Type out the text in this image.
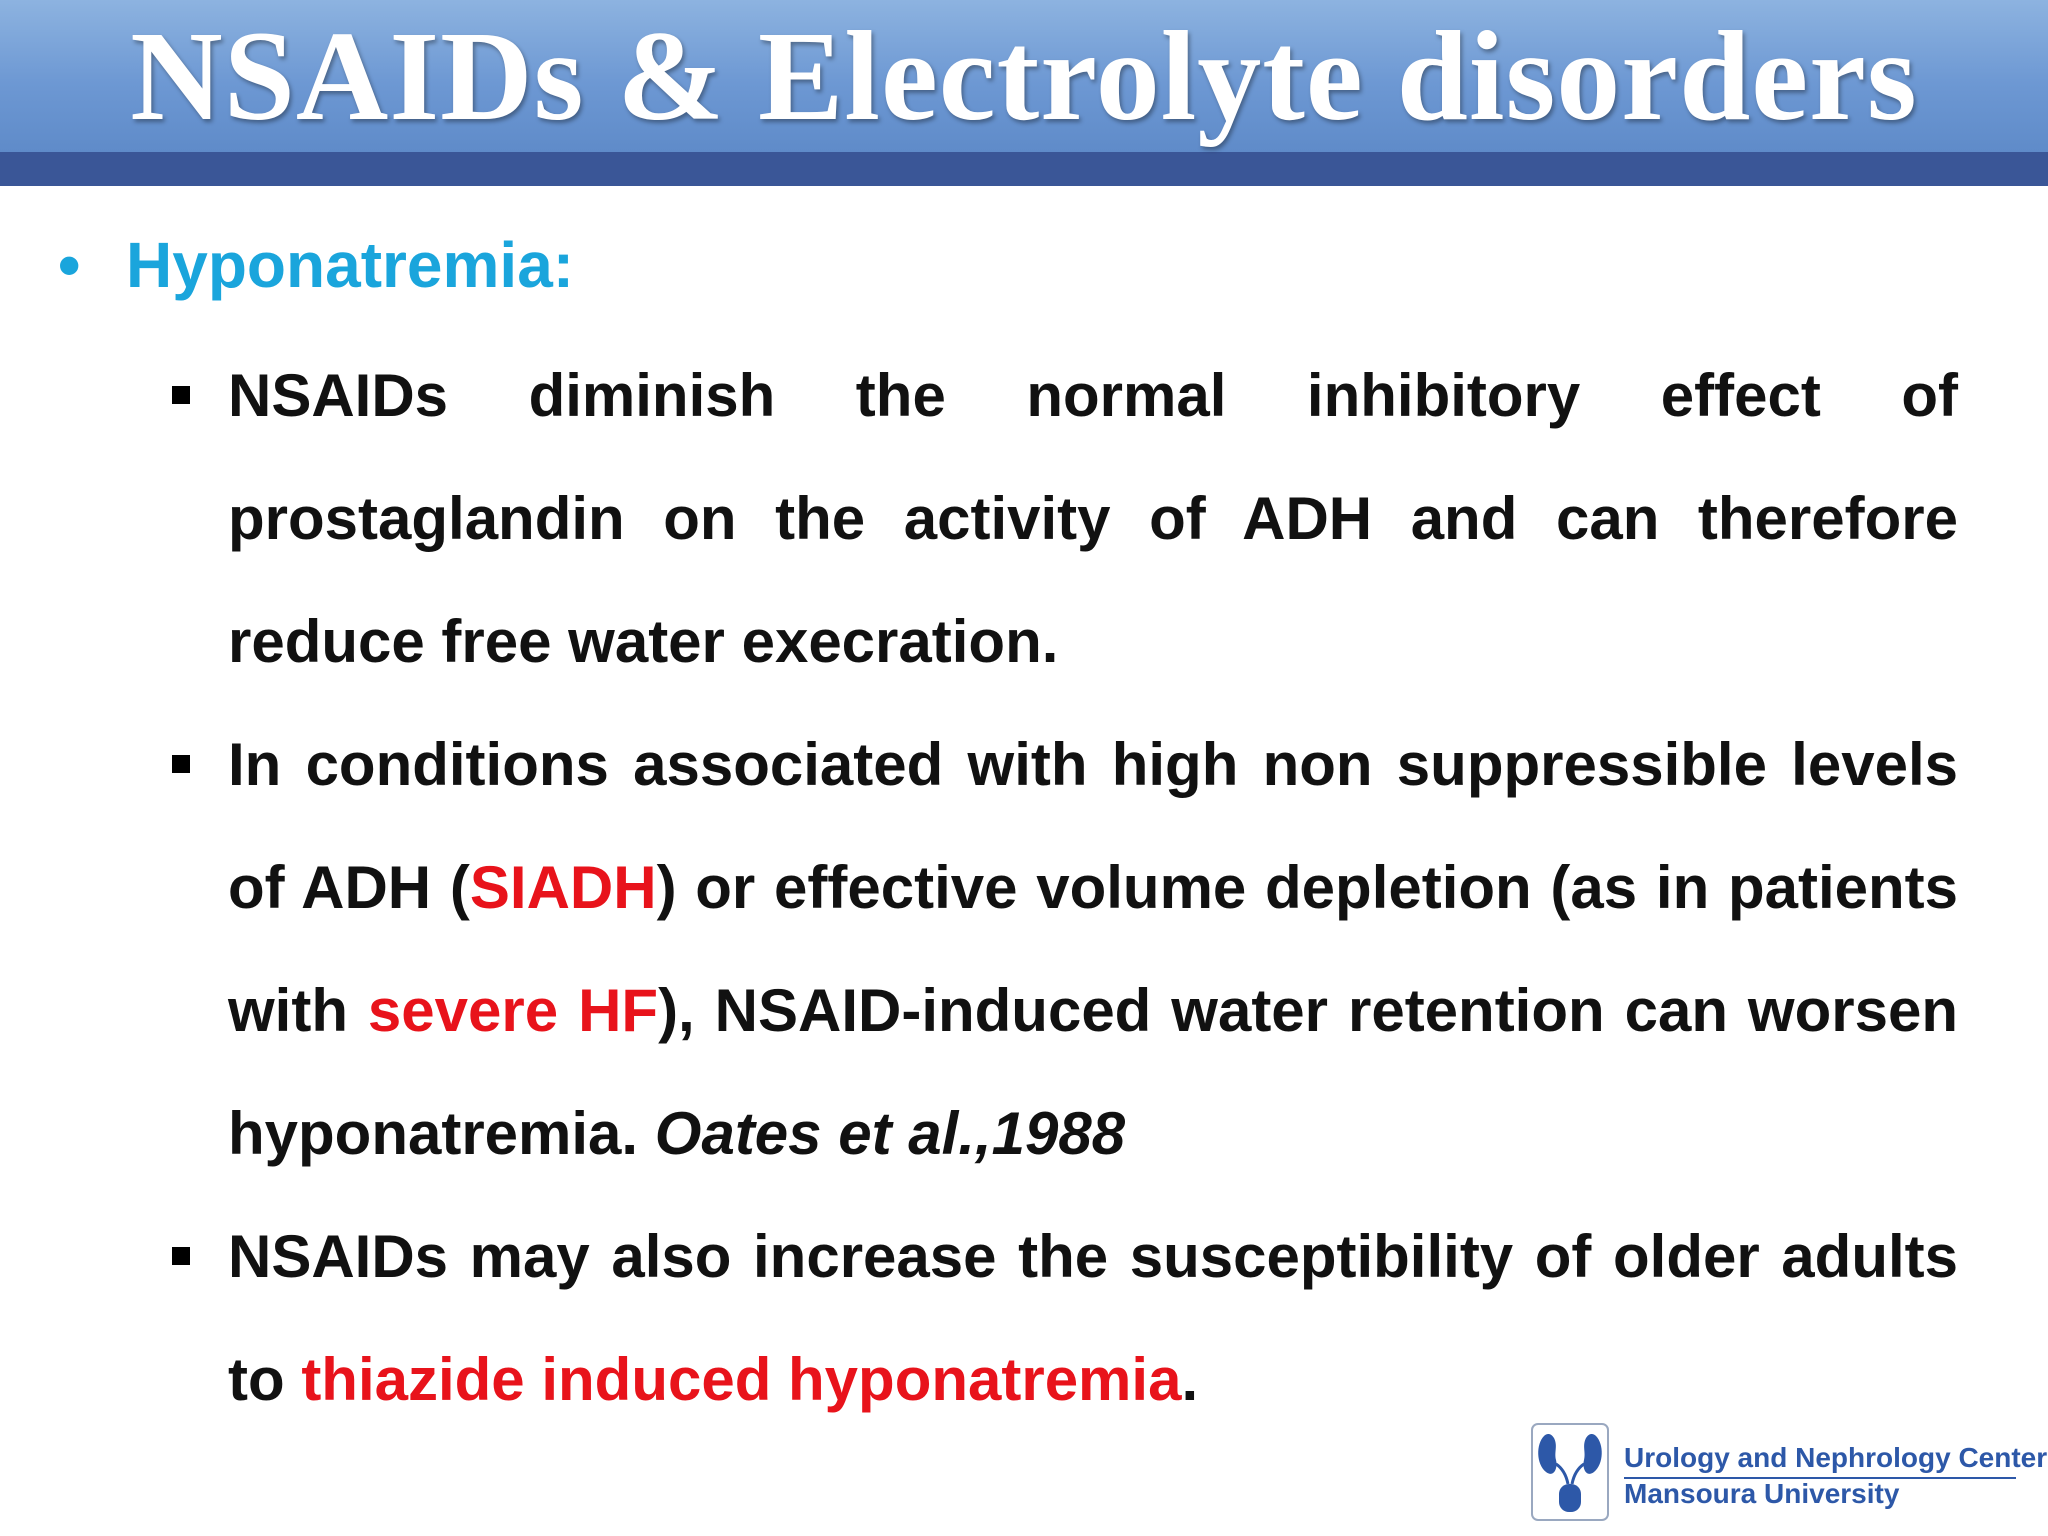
NSAIDs & Electrolyte disorders
• Hyponatremia:
NSAIDs diminish the normal inhibitory effect of prostaglandin on the activity of ADH and can therefore reduce free water execration.
In conditions associated with high non suppressible levels of ADH (SIADH) or effective volume depletion (as in patients with severe HF), NSAID-induced water retention can worsen hyponatremia. Oates et al.,1988
NSAIDs may also increase the susceptibility of older adults to thiazide induced hyponatremia.
Urology and Nephrology Center
Mansoura University
